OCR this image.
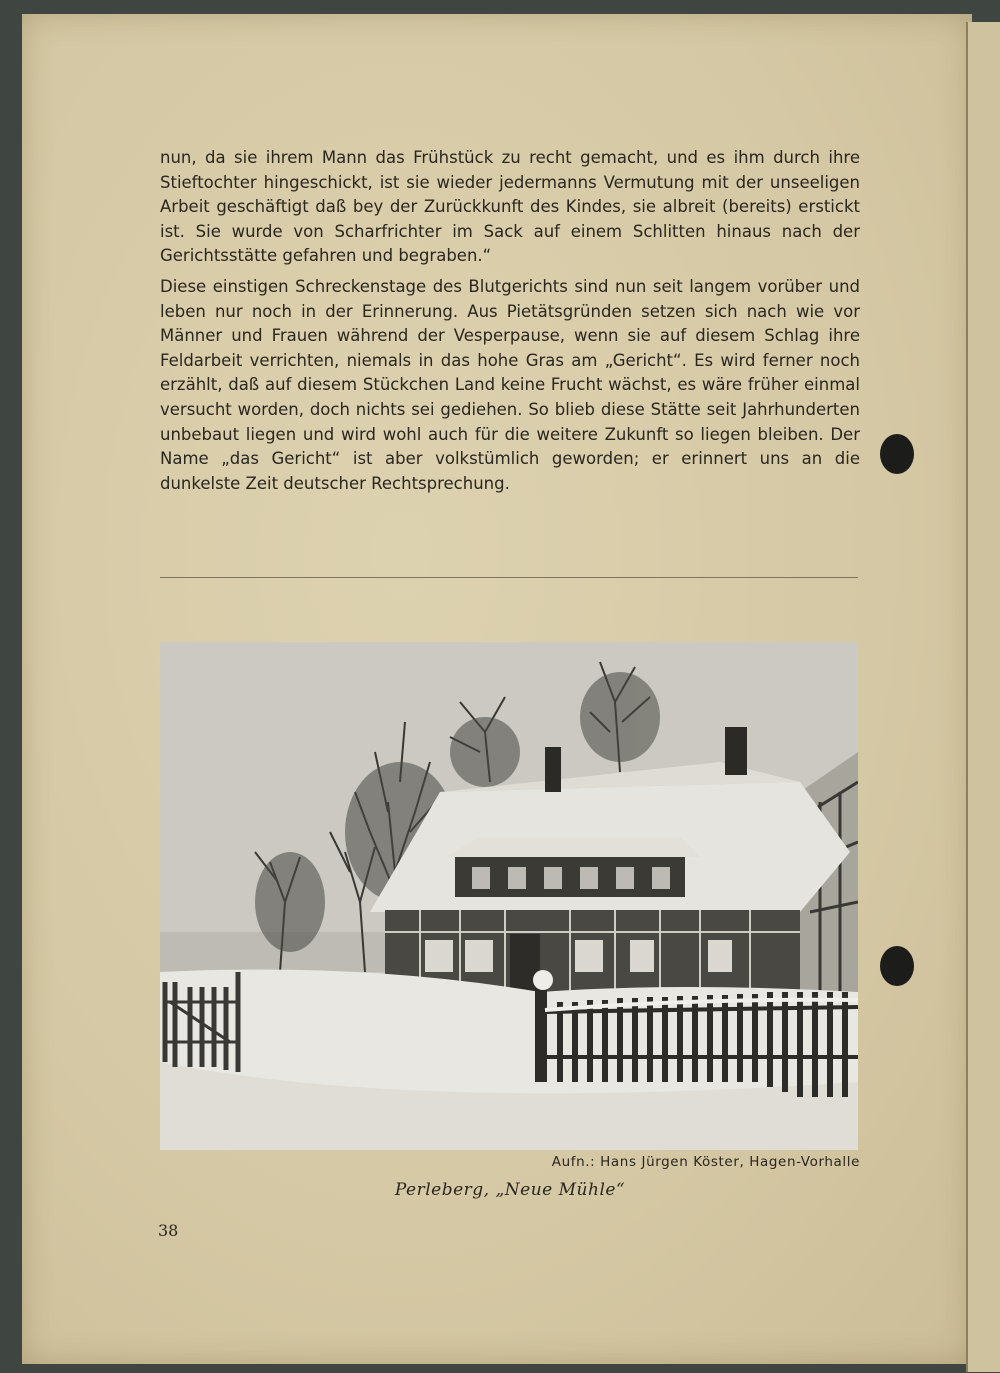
nun, da sie ihrem Mann das Frühstück zu recht gemacht, und es ihm durch ihre Stieftochter hingeschickt, ist sie wieder jedermanns Vermutung mit der unseeligen Arbeit geschäftigt daß bey der Zurückkunft des Kindes, sie albreit (bereits) erstickt ist. Sie wurde von Scharfrichter im Sack auf einem Schlitten hinaus nach der Gerichtsstätte gefahren und begraben.“

Diese einstigen Schreckenstage des Blutgerichts sind nun seit langem vorüber und leben nur noch in der Erinnerung. Aus Pietätsgründen setzen sich nach wie vor Männer und Frauen während der Vesperpause, wenn sie auf diesem Schlag ihre Feldarbeit verrichten, niemals in das hohe Gras am „Gericht“. Es wird ferner noch erzählt, daß auf diesem Stückchen Land keine Frucht wächst, es wäre früher einmal versucht worden, doch nichts sei gediehen. So blieb diese Stätte seit Jahrhunderten unbebaut liegen und wird wohl auch für die weitere Zukunft so liegen bleiben. Der Name „das Gericht“ ist aber volkstümlich geworden; er erinnert uns an die dunkelste Zeit deutscher Rechtsprechung.

Aufn.: Hans Jürgen Köster, Hagen-Vorhalle
Perleberg, „Neue Mühle“
38
